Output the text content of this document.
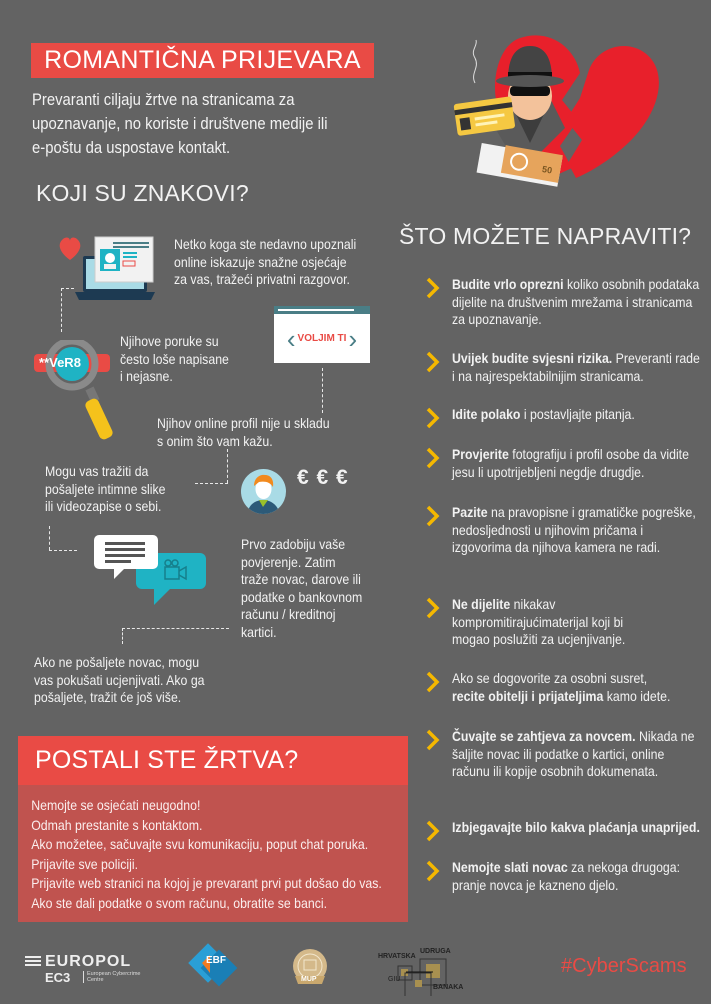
ROMANTIČNA PRIJEVARA
Prevaranti ciljaju žrtve na stranicama za
upoznavanje, no koriste i društvene medije ili
e-poštu da uspostave kontakt.
50
KOJI SU ZNAKOVI?
Netko koga ste nedavno upoznali
online iskazuje snažne osjećaje
za vas, tražeći privatni razgovor.
**VeR8
Njihove poruke su
često loše napisane
i nejasne.
‹ VOLJIM TI ›
Njihov online profil nije u skladu
s onim što vam kažu.
Mogu vas tražiti da
pošaljete intimne slike
ili videozapise o sebi.
€ € €
Prvo zadobiju vaše
povjerenje. Zatim
traže novac, darove ili
podatke o bankovnom
računu / kreditnoj
kartici.
Ako ne pošaljete novac, mogu
vas pokušati ucjenjivati. Ako ga
pošaljete, tražit će još više.
ŠTO MOŽETE NAPRAVITI?
Budite vrlo oprezni koliko osobnih podataka dijelite na društvenim mrežama i stranicama za upoznavanje.
Uvijek budite svjesni rizika. Preveranti rade i na najrespektabilnijim stranicama.
Idite polako i postavljajte pitanja.
Provjerite fotografiju i profil osobe da vidite jesu li upotrijebljeni negdje drugdje.
Pazite na pravopisne i gramatičke pogreške, nedosljednosti u njihovim pričama i izgovorima da njihova kamera ne radi.
Ne dijelite nikakav kompromitirajućimaterijal koji bi mogao poslužiti za ucjenjivanje.
Ako se dogovorite za osobni susret,
recite obitelji i prijateljima kamo idete.
Čuvajte se zahtjeva za novcem. Nikada ne šaljite novac ili podatke o kartici, online računu ili kopije osobnih dokumenata.
Izbjegavajte bilo kakva plaćanja unaprijed.
Nemojte slati novac za nekoga drugoga: pranje novca je kazneno djelo.
POSTALI STE ŽRTVA?
Nemojte se osjećati neugodno!
Odmah prestanite s kontaktom.
Ako možetee, sačuvajte svu komunikaciju, poput chat poruka.
Prijavite sve policiji.
Prijavite web stranici na kojoj je prevarant prvi put došao do vas.
Ako ste dali podatke o svom računu, obratite se banci.
EUROPOL
EC3	European Cybercrime
Centre
EBF
MUP
HRVATSKA
UDRUGA
GIU
BANAKA
#CyberScams
